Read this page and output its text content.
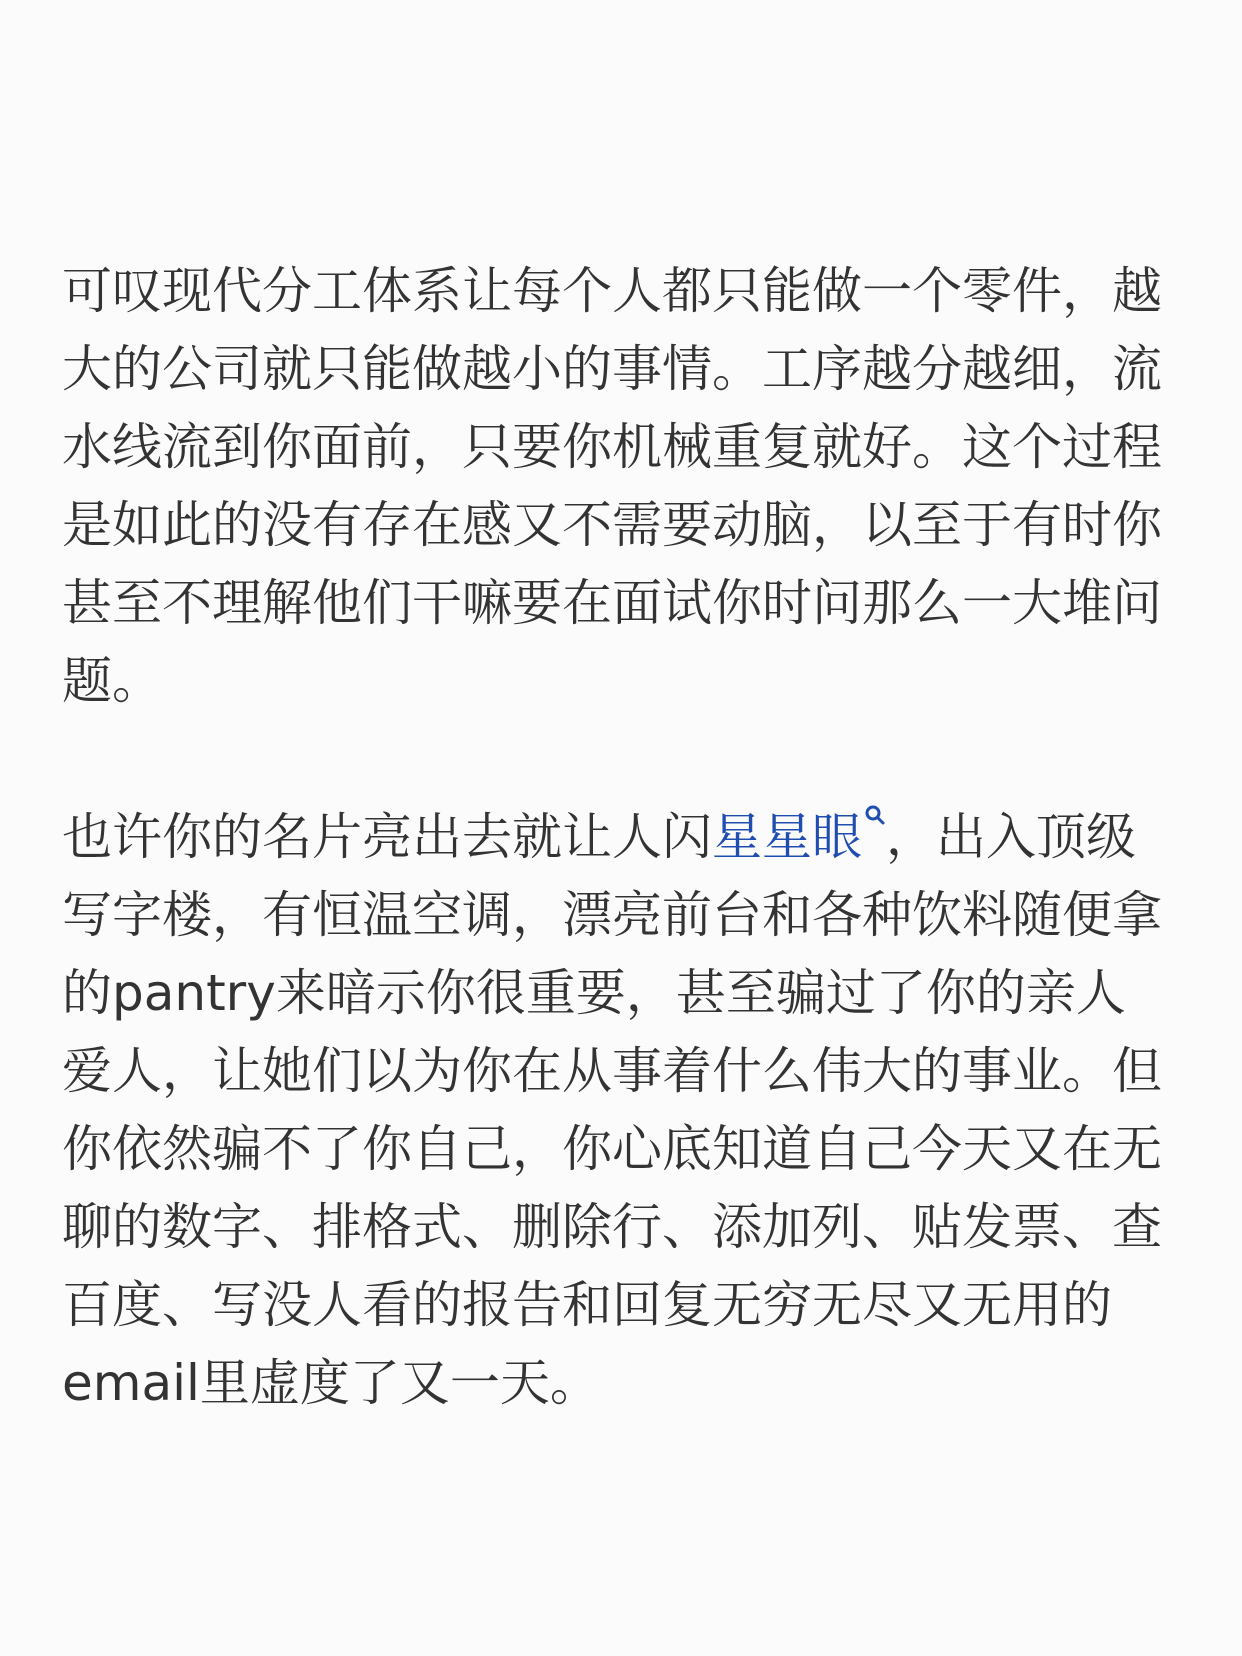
可叹现代分工体系让每个人都只能做一个零件，越
大的公司就只能做越小的事情。工序越分越细，流
水线流到你面前，只要你机械重复就好。这个过程
是如此的没有存在感又不需要动脑，以至于有时你
甚至不理解他们干嘛要在面试你时问那么一大堆问
题。
也许你的名片亮出去就让人闪星星眼 ，出入顶级
写字楼，有恒温空调，漂亮前台和各种饮料随便拿
的pantry来暗示你很重要，甚至骗过了你的亲人
爱人，让她们以为你在从事着什么伟大的事业。但
你依然骗不了你自己，你心底知道自己今天又在无
聊的数字、排格式、删除行、添加列、贴发票、查
百度、写没人看的报告和回复无穷无尽又无用的
email里虚度了又一天。
